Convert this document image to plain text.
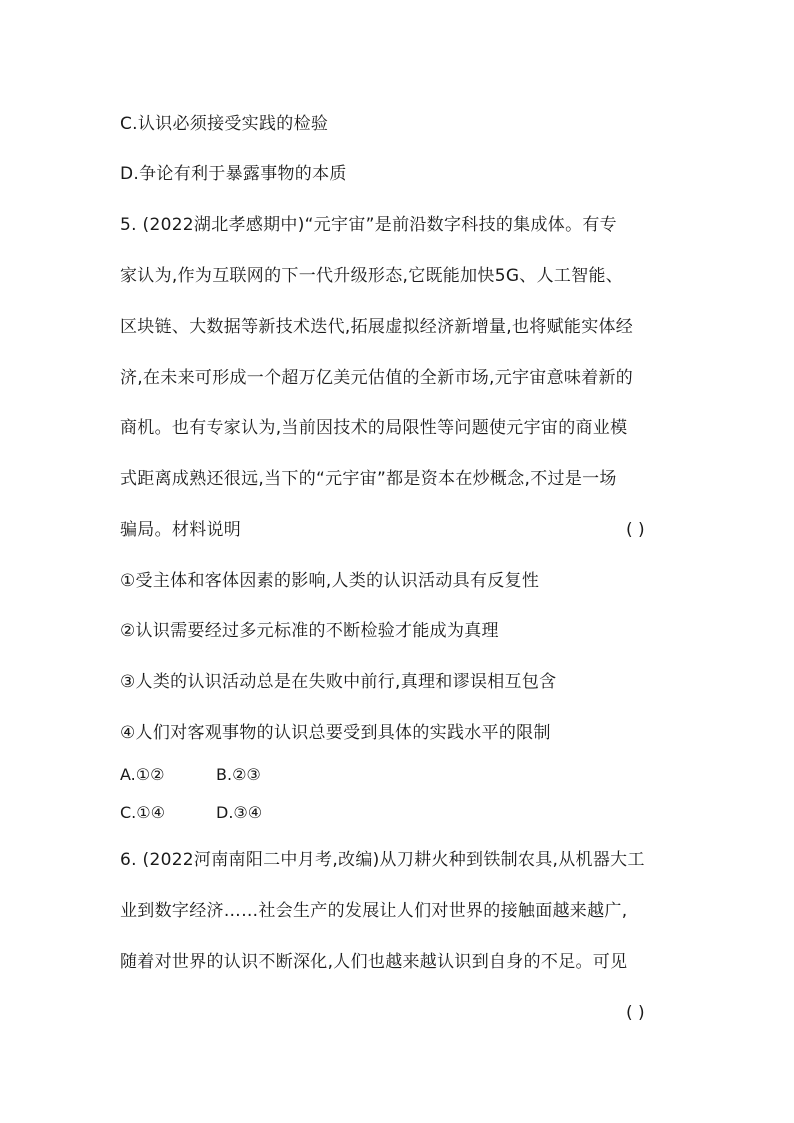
C.认识必须接受实践的检验
D.争论有利于暴露事物的本质
5. (2022湖北孝感期中)“元宇宙”是前沿数字科技的集成体。有专
家认为,作为互联网的下一代升级形态,它既能加快5G、人工智能、
区块链、大数据等新技术迭代,拓展虚拟经济新增量,也将赋能实体经
济,在未来可形成一个超万亿美元估值的全新市场,元宇宙意味着新的
商机。也有专家认为,当前因技术的局限性等问题使元宇宙的商业模
式距离成熟还很远,当下的“元宇宙”都是资本在炒概念,不过是一场
骗局。材料说明	( )
①受主体和客体因素的影响,人类的认识活动具有反复性
②认识需要经过多元标准的不断检验才能成为真理
③人类的认识活动总是在失败中前行,真理和谬误相互包含
④人们对客观事物的认识总要受到具体的实践水平的限制
A.①②	B.②③
C.①④	D.③④
6. (2022河南南阳二中月考,改编)从刀耕火种到铁制农具,从机器大工
业到数字经济……社会生产的发展让人们对世界的接触面越来越广,
随着对世界的认识不断深化,人们也越来越认识到自身的不足。可见
( )
